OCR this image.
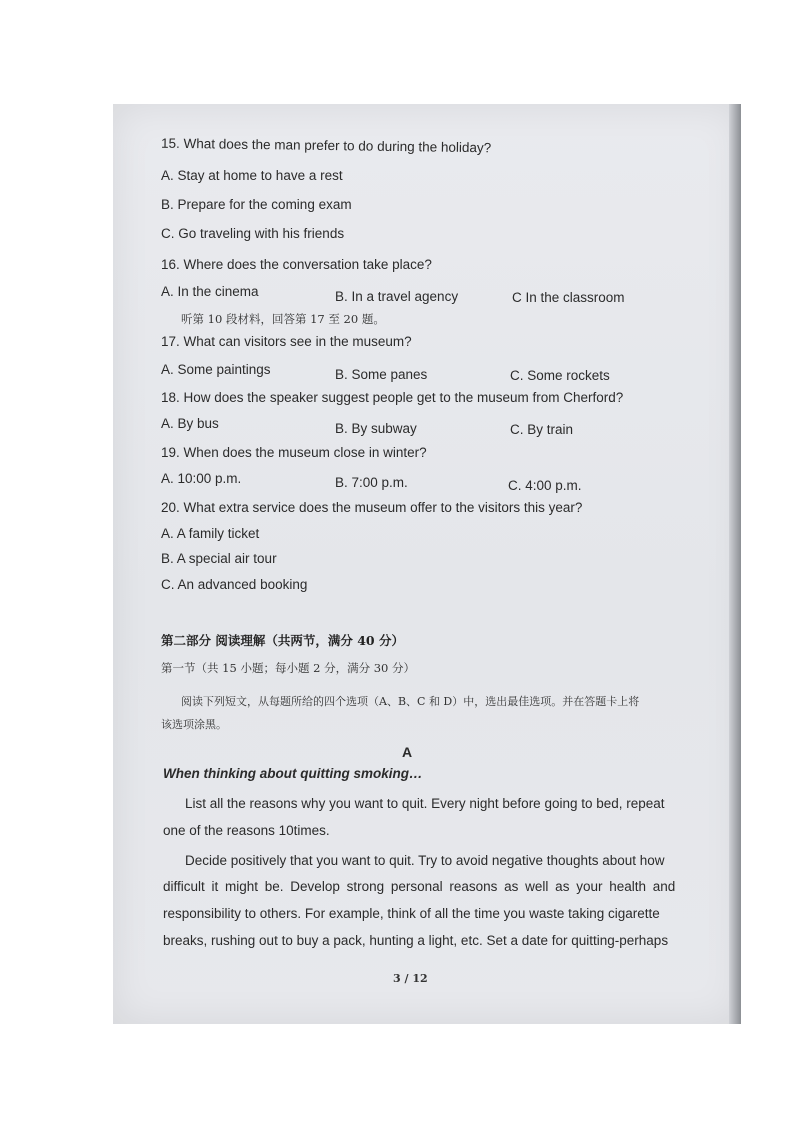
15. What does the man prefer to do during the holiday?
A. Stay at home to have a rest
B. Prepare for the coming exam
C. Go traveling with his friends
16. Where does the conversation take place?
A. In the cinema	B. In a travel agency	C In the classroom
听第 10 段材料，回答第 17 至 20 题。
17. What can visitors see in the museum?
A. Some paintings	B. Some panes	C. Some rockets
18. How does the speaker suggest people get to the museum from Cherford?
A. By bus	B. By subway	C. By train
19. When does the museum close in winter?
A. 10:00 p.m.	B. 7:00 p.m.	C. 4:00 p.m.
20. What extra service does the museum offer to the visitors this year?
A. A family ticket
B. A special air tour
C. An advanced booking
第二部分 阅读理解（共两节，满分 40 分）
第一节（共 15 小题；每小题 2 分，满分 30 分）
阅读下列短文，从每题所给的四个选项（A、B、C 和 D）中，选出最佳选项。并在答题卡上将
该选项涂黑。
A
When thinking about quitting smoking…
List all the reasons why you want to quit. Every night before going to bed, repeat
one of the reasons 10times.
Decide positively that you want to quit. Try to avoid negative thoughts about how
difficult it might be. Develop strong personal reasons as well as your health and
responsibility to others. For example, think of all the time you waste taking cigarette
breaks, rushing out to buy a pack, hunting a light, etc. Set a date for quitting-perhaps
3 / 12
